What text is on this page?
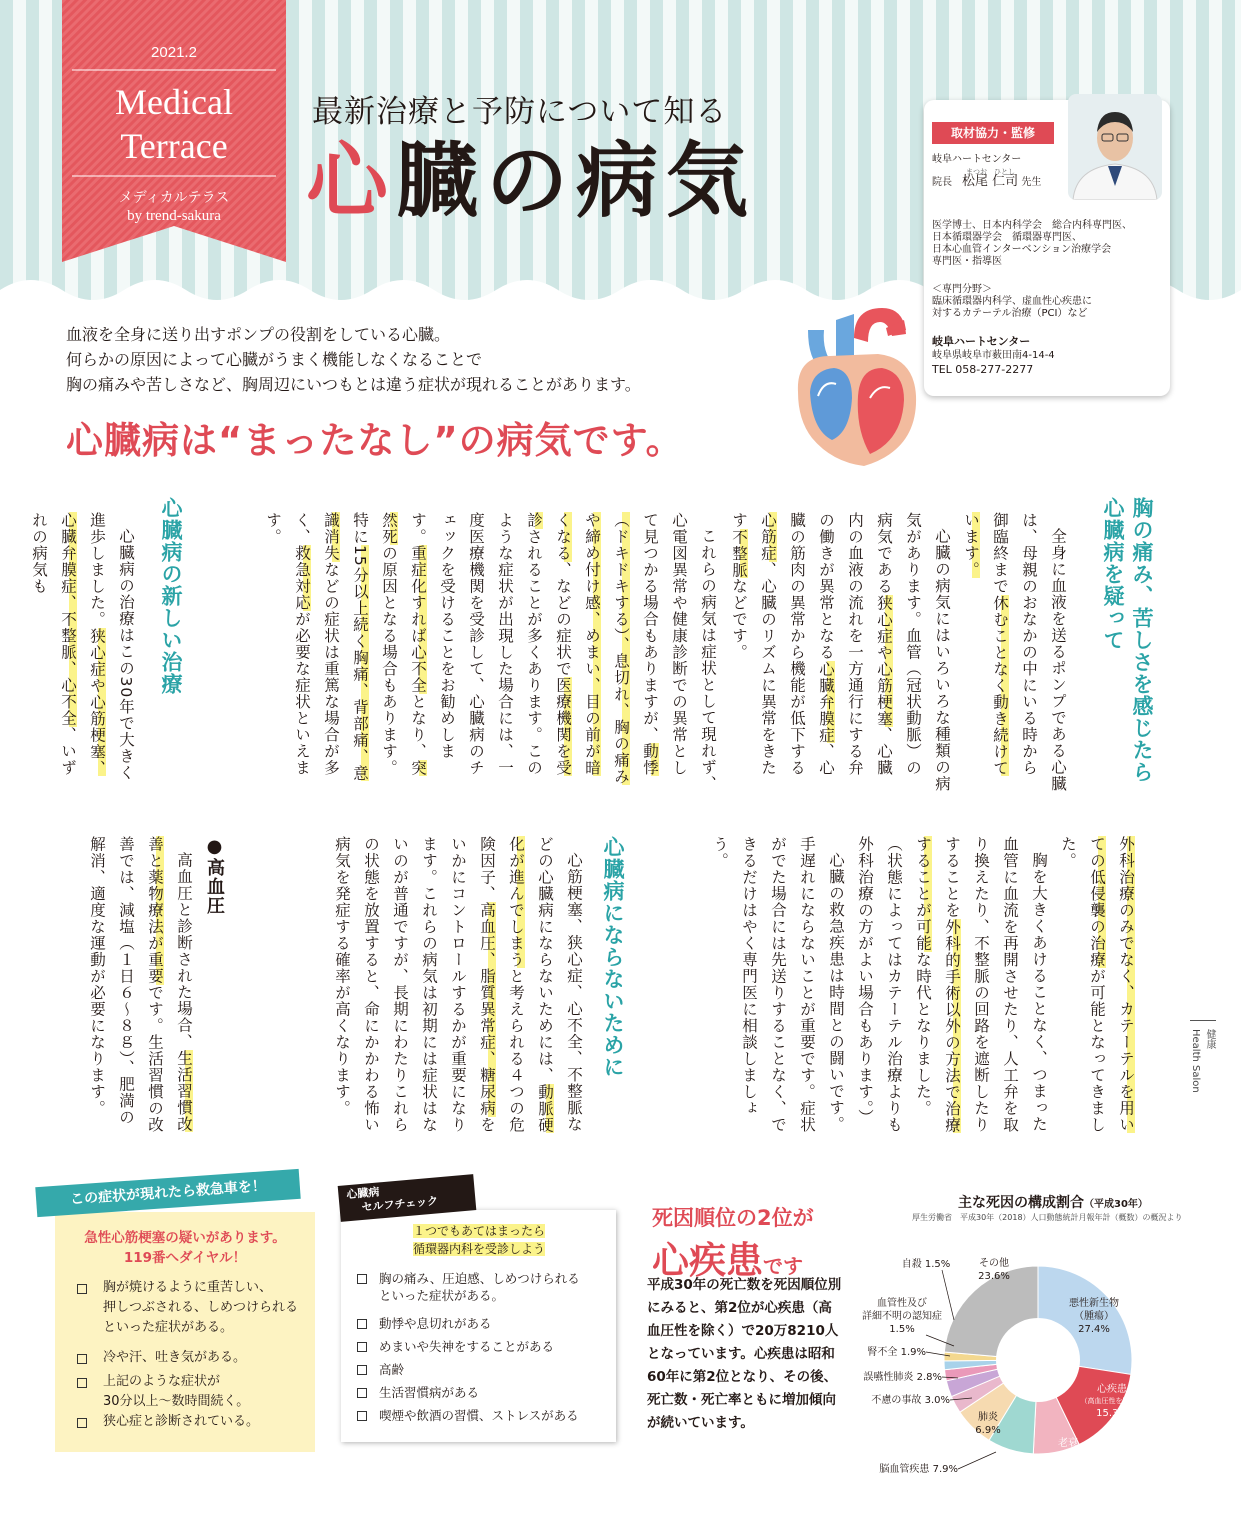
2021.2
Medical
Terrace
メディカルテラス
by trend-sakura
最新治療と予防について知る
心臓の病気	取材協力・監修
岐阜ハートセンター
まつお ひとし
院長　 松尾 仁司 先生
医学博士、日本内科学会　総合内科専門医、
日本循環器学会　循環器専門医、
日本心血管インターベンション治療学会
専門医・指導医
＜専門分野＞
臨床循環器内科学、虚血性心疾患に
対するカテーテル治療（PCI）など
岐阜ハートセンター
岐阜県岐阜市薮田南4-14-4
TEL 058-277-2277
血液を全身に送り出すポンプの役割をしている心臓。
何らかの原因によって心臓がうまく機能しなくなることで
胸の痛みや苦しさなど、胸周辺にいつもとは違う症状が現れることがあります。
心臓病は“まったなし”の病気です。
胸の痛み、苦しさを感じたら心臓病を疑って

全身に血液を送るポンプである心臓は、母親のおなかの中にいる時から御臨終まで休むことなく動き続けています。

心臓の病気にはいろいろな種類の病気があります。血管（冠状動脈）の病気である狭心症や心筋梗塞、心臓内の血液の流れを一方通行にする弁の働きが異常となる心臓弁膜症、心臓の筋肉の異常から機能が低下する心筋症、心臓のリズムに異常をきたす不整脈などです。

これらの病気は症状として現れず、心電図異常や健康診断での異常として見つかる場合もありますが、動悸（ドキドキする）、息切れ、胸の痛みや締め付け感、めまい、目の前が暗くなる、などの症状で医療機関を受診されることが多くあります。このような症状が出現した場合には、一度医療機関を受診して、心臓病のチェックを受けることをお勧めします。重症化すれば心不全となり、突然死の原因となる場合もあります。特に15分以上続く胸痛、背部痛、意識消失などの症状は重篤な場合が多く、救急対応が必要な症状といえます。

心臓病の新しい治療

心臓病の治療はこの30年で大きく進歩しました。狭心症や心筋梗塞、心臓弁膜症、不整脈、心不全、いずれの病気も

外科治療のみでなく、カテーテルを用いての低侵襲の治療が可能となってきました。

胸を大きくあけることなく、つまった血管に血流を再開させたり、人工弁を取り換えたり、不整脈の回路を遮断したりすることを外科的手術以外の方法で治療することが可能な時代となりました。（状態によってはカテーテル治療よりも外科治療の方がよい場合もあります。）

心臓の救急疾患は時間との闘いです。手遅れにならないことが重要です。症状がでた場合には先送りすることなく、できるだけはやく専門医に相談しましょう。

心臓病にならないために

心筋梗塞、狭心症、心不全、不整脈などの心臓病にならないためには、動脈硬化が進んでしまうと考えられる４つの危険因子、高血圧、脂質異常症、糖尿病をいかにコントロールするかが重要になります。これらの病気は初期には症状はないのが普通ですが、長期にわたりこれらの状態を放置すると、命にかかわる怖い病気を発症する確率が高くなります。

●高血圧

高血圧と診断された場合、生活習慣改善と薬物療法が重要です。生活習慣の改善では、減塩（１日６～８ｇ）、肥満の解消、適度な運動が必要になります。	健康
Health Salon
急性心筋梗塞の疑いがあります。
119番へダイヤル！
胸が焼けるように重苦しい、
押しつぶされる、しめつけられる
といった症状がある。
冷や汗、吐き気がある。
上記のような症状が
30分以上～数時間続く。
狭心症と診断されている。
この症状が現れたら救急車を！
１つでもあてはまったら
循環器内科を受診しよう
胸の痛み、圧迫感、しめつけられる
といった症状がある。
動悸や息切れがある
めまいや失神をすることがある
高齢
生活習慣病がある
喫煙や飲酒の習慣、ストレスがある
心臓病
セルフチェック
死因順位の2位が
心疾患です
平成30年の死亡数を死因順位別にみると、第2位が心疾患（高血圧性を除く）で20万8210人となっています。心疾患は昭和60年に第2位となり、その後、死亡数・死亡率ともに増加傾向が続いています。
主な死因の構成割合（平成30年）
厚生労働省　平成30年（2018）人口動態統計月報年計（概数）の概況より
悪性新生物
（腫瘍）
27.4%
心疾患
（高血圧性を除く）
15.3%
老衰
8.0%
脳血管疾患 7.9%
肺炎
6.9%
不慮の事故 3.0%
誤嚥性肺炎 2.8%
腎不全 1.9%
血管性及び
詳細不明の認知症
1.5%
自殺 1.5%	その他
23.6%
